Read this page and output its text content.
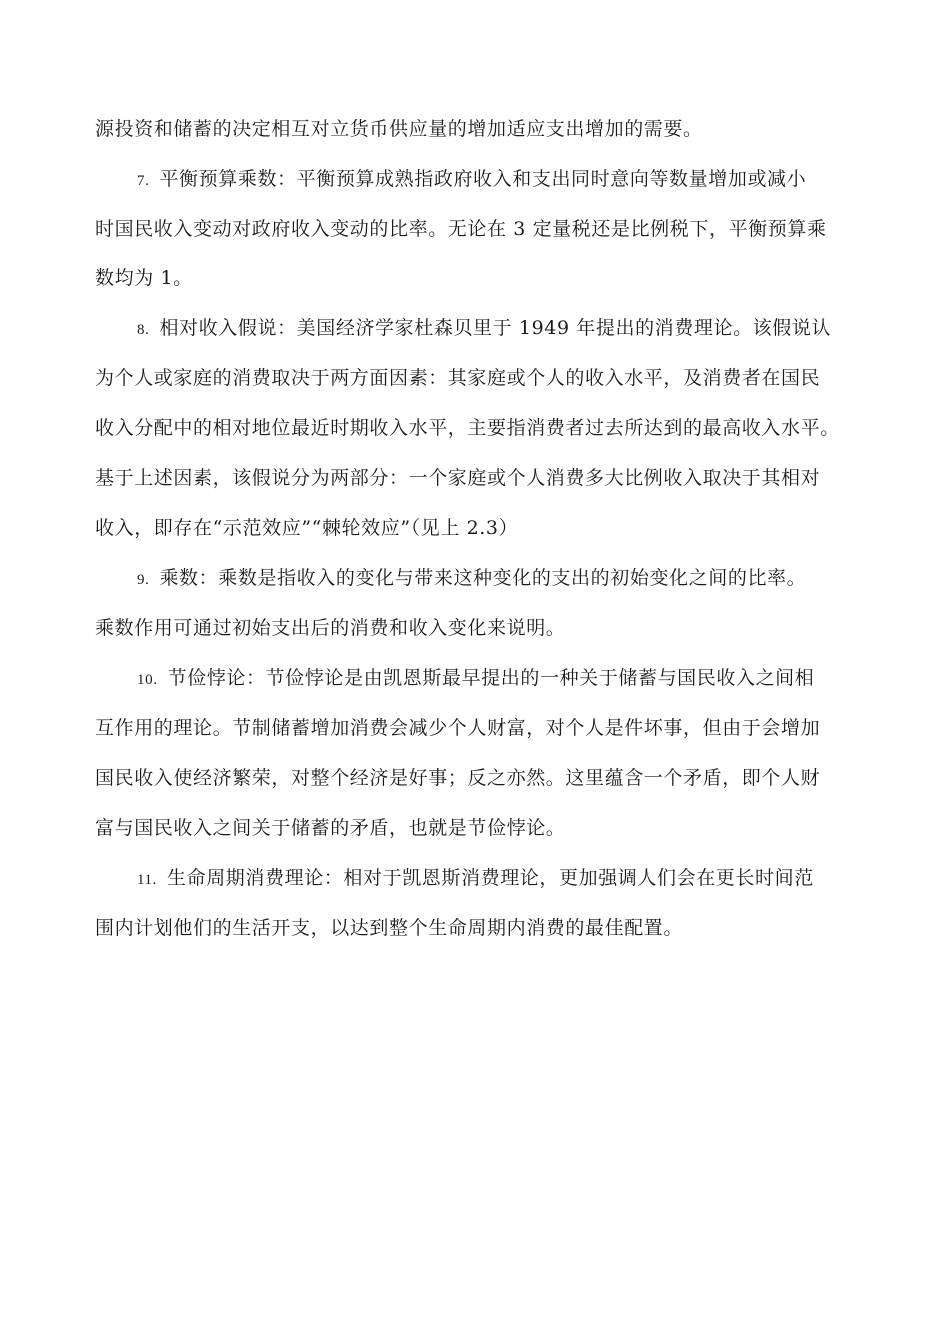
源投资和储蓄的决定相互对立货币供应量的增加适应支出增加的需要。
7. 平衡预算乘数：平衡预算成熟指政府收入和支出同时意向等数量增加或减小
时国民收入变动对政府收入变动的比率。无论在 3 定量税还是比例税下，平衡预算乘
数均为 1。
8. 相对收入假说：美国经济学家杜森贝里于 1949 年提出的消费理论。该假说认
为个人或家庭的消费取决于两方面因素：其家庭或个人的收入水平，及消费者在国民
收入分配中的相对地位最近时期收入水平，主要指消费者过去所达到的最高收入水平。
基于上述因素，该假说分为两部分：一个家庭或个人消费多大比例收入取决于其相对
收入，即存在“示范效应”“棘轮效应”（见上 2.3）
9. 乘数：乘数是指收入的变化与带来这种变化的支出的初始变化之间的比率。
乘数作用可通过初始支出后的消费和收入变化来说明。
10. 节俭悖论：节俭悖论是由凯恩斯最早提出的一种关于储蓄与国民收入之间相
互作用的理论。节制储蓄增加消费会减少个人财富，对个人是件坏事，但由于会增加
国民收入使经济繁荣，对整个经济是好事；反之亦然。这里蕴含一个矛盾，即个人财
富与国民收入之间关于储蓄的矛盾，也就是节俭悖论。
11. 生命周期消费理论：相对于凯恩斯消费理论，更加强调人们会在更长时间范
围内计划他们的生活开支，以达到整个生命周期内消费的最佳配置。
